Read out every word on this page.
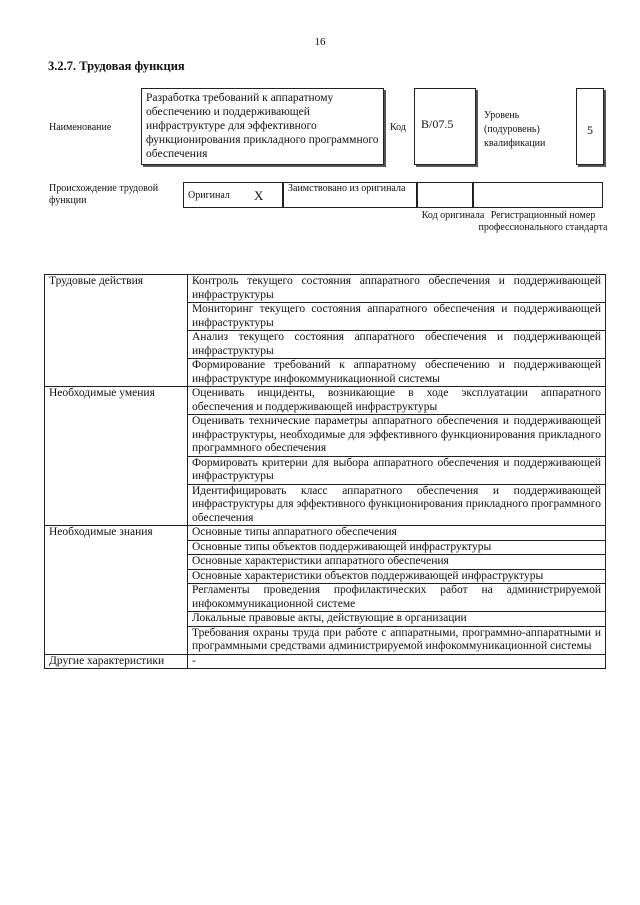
16
3.2.7. Трудовая функция
Наименование
Разработка требований к аппаратному обеспечению и поддерживающей инфраструктуре для эффективного функционирования прикладного программного обеспечения
Код	B/07.5
Уровень (подуровень) квалификации
5
Происхождение трудовой функции	Оригинал X Заимствовано из оригинала
Код оригинала Регистрационный номер профессионального стандарта
Трудовые действия	Контроль текущего состояния аппаратного обеспечения и поддерживающей инфраструктуры
	Мониторинг текущего состояния аппаратного обеспечения и поддерживающей инфраструктуры
	Анализ текущего состояния аппаратного обеспечения и поддерживающей инфраструктуры
	Формирование требований к аппаратному обеспечению и поддерживающей инфраструктуре инфокоммуникационной системы
Необходимые умения	Оценивать инциденты, возникающие в ходе эксплуатации аппаратного обеспечения и поддерживающей инфраструктуры
	Оценивать технические параметры аппаратного обеспечения и поддерживающей инфраструктуры, необходимые для эффективного функционирования прикладного программного обеспечения
	Формировать критерии для выбора аппаратного обеспечения и поддерживающей инфраструктуры
	Идентифицировать класс аппаратного обеспечения и поддерживающей инфраструктуры для эффективного функционирования прикладного программного обеспечения
Необходимые знания	Основные типы аппаратного обеспечения
	Основные типы объектов поддерживающей инфраструктуры
	Основные характеристики аппаратного обеспечения
	Основные характеристики объектов поддерживающей инфраструктуры
	Регламенты проведения профилактических работ на администрируемой инфокоммуникационной системе
	Локальные правовые акты, действующие в организации
	Требования охраны труда при работе с аппаратными, программно-аппаратными и программными средствами администрируемой инфокоммуникационной системы
Другие характеристики	-
